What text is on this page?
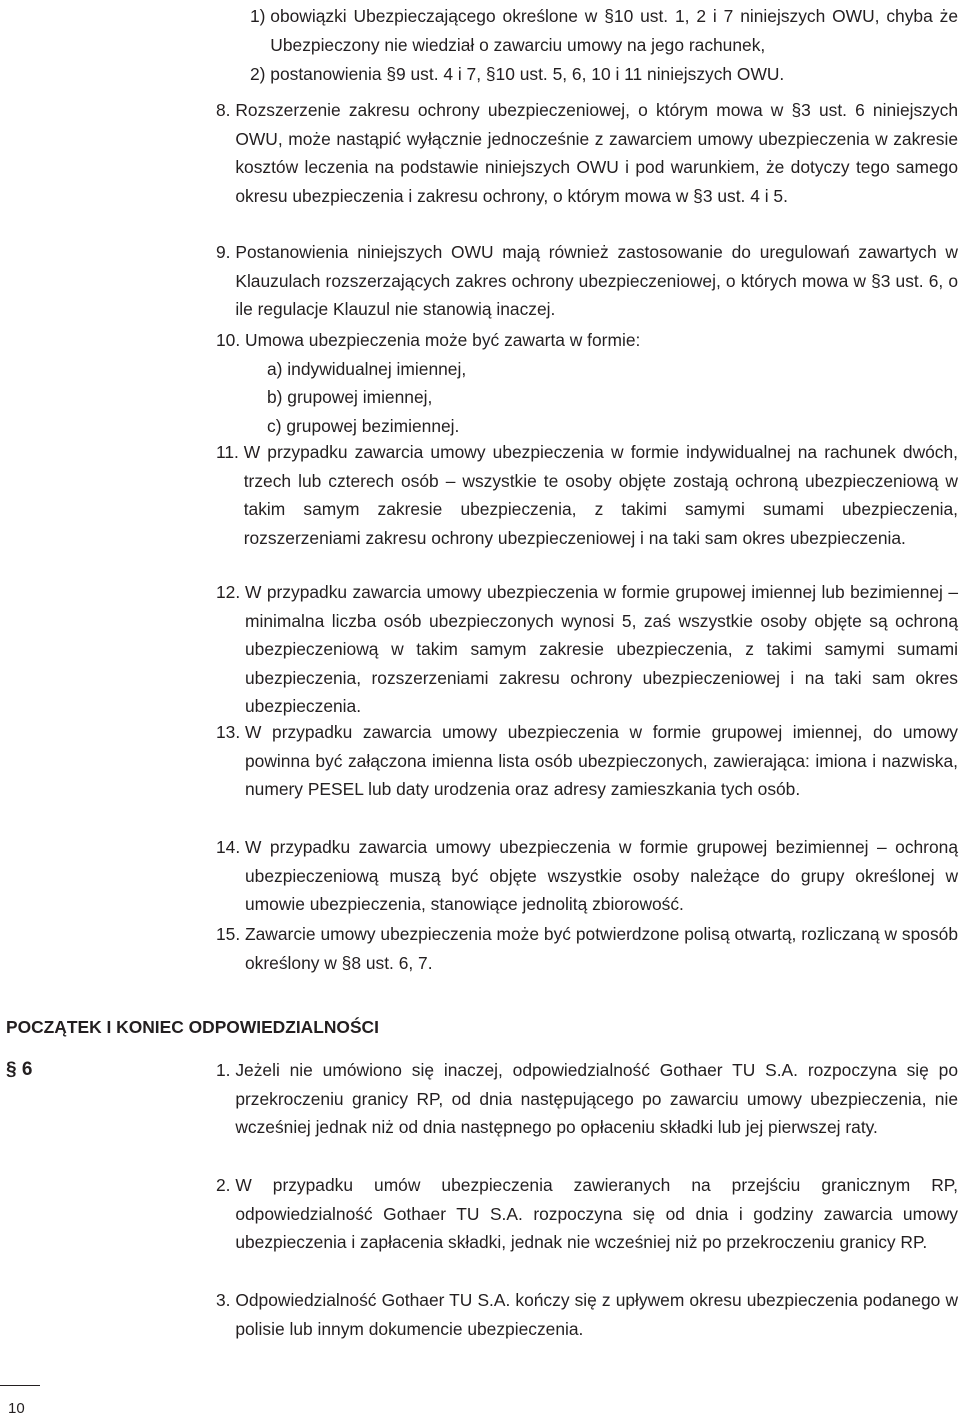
1) obowiązki Ubezpieczającego określone w §10 ust. 1, 2 i 7 niniejszych OWU, chyba że Ubezpieczony nie wiedział o zawarciu umowy na jego rachunek,
2) postanowienia §9 ust. 4 i 7, §10 ust. 5, 6, 10 i 11 niniejszych OWU.
8. Rozszerzenie zakresu ochrony ubezpieczeniowej, o którym mowa w §3 ust. 6 niniejszych OWU, może nastąpić wyłącznie jednocześnie z zawarciem umowy ubezpieczenia w zakresie kosztów leczenia na podstawie niniejszych OWU i pod warunkiem, że dotyczy tego samego okresu ubezpieczenia i zakresu ochrony, o którym mowa w §3 ust. 4 i 5.
9. Postanowienia niniejszych OWU mają również zastosowanie do uregulowań zawartych w Klauzulach rozszerzających zakres ochrony ubezpieczeniowej, o których mowa w §3 ust. 6, o ile regulacje Klauzul nie stanowią inaczej.
10. Umowa ubezpieczenia może być zawarta w formie:
a) indywidualnej imiennej,
b) grupowej imiennej,
c) grupowej bezimiennej.
11. W przypadku zawarcia umowy ubezpieczenia w formie indywidualnej na rachunek dwóch, trzech lub czterech osób – wszystkie te osoby objęte zostają ochroną ubezpieczeniową w takim samym zakresie ubezpieczenia, z takimi samymi sumami ubezpieczenia, rozszerzeniami zakresu ochrony ubezpieczeniowej i na taki sam okres ubezpieczenia.
12. W przypadku zawarcia umowy ubezpieczenia w formie grupowej imiennej lub bezimiennej – minimalna liczba osób ubezpieczonych wynosi 5, zaś wszystkie osoby objęte są ochroną ubezpieczeniową w takim samym zakresie ubezpieczenia, z takimi samymi sumami ubezpieczenia, rozszerzeniami zakresu ochrony ubezpieczeniowej i na taki sam okres ubezpieczenia.
13. W przypadku zawarcia umowy ubezpieczenia w formie grupowej imiennej, do umowy powinna być załączona imienna lista osób ubezpieczonych, zawierająca: imiona i nazwiska, numery PESEL lub daty urodzenia oraz adresy zamieszkania tych osób.
14. W przypadku zawarcia umowy ubezpieczenia w formie grupowej bezimiennej – ochroną ubezpieczeniową muszą być objęte wszystkie osoby należące do grupy określonej w umowie ubezpieczenia, stanowiące jednolitą zbiorowość.
15. Zawarcie umowy ubezpieczenia może być potwierdzone polisą otwartą, rozliczaną w sposób określony w §8 ust. 6, 7.
POCZĄTEK I KONIEC ODPOWIEDZIALNOŚCI
§ 6	1. Jeżeli nie umówiono się inaczej, odpowiedzialność Gothaer TU S.A. rozpoczyna się po przekroczeniu granicy RP, od dnia następującego po zawarciu umowy ubezpieczenia, nie wcześniej jednak niż od dnia następnego po opłaceniu składki lub jej pierwszej raty.
2. W przypadku umów ubezpieczenia zawieranych na przejściu granicznym RP, odpowiedzialność Gothaer TU S.A. rozpoczyna się od dnia i godziny zawarcia umowy ubezpieczenia i zapłacenia składki, jednak nie wcześniej niż po przekroczeniu granicy RP.
3. Odpowiedzialność Gothaer TU S.A. kończy się z upływem okresu ubezpieczenia podanego w polisie lub innym dokumencie ubezpieczenia.
10
